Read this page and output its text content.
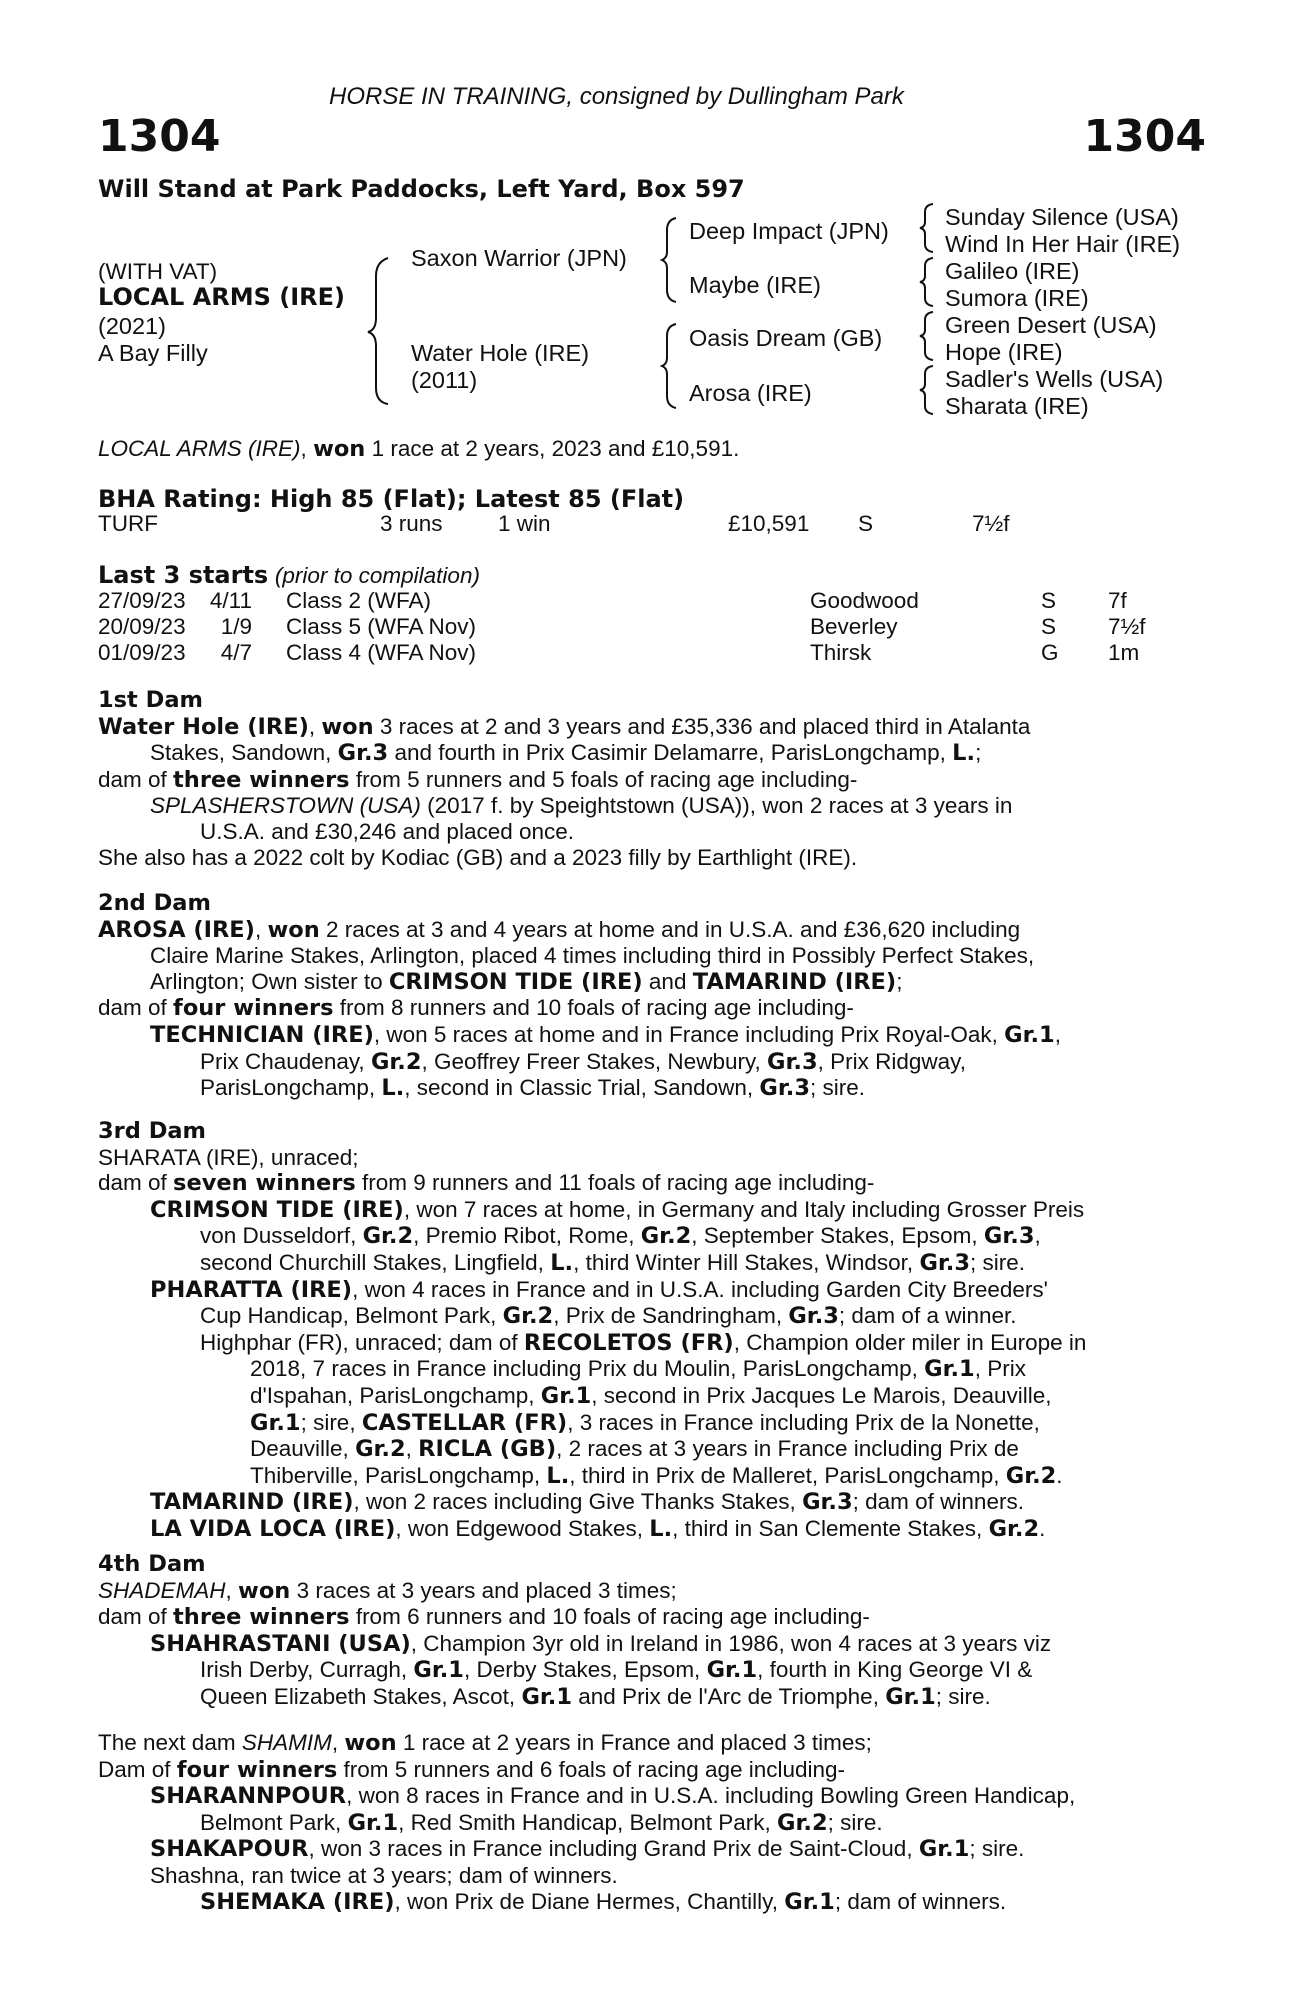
HORSE IN TRAINING, consigned by Dullingham Park
1304	1304
Will Stand at Park Paddocks, Left Yard, Box 597
(WITH VAT)
LOCAL ARMS (IRE)
(2021)
A Bay Filly
Saxon Warrior (JPN)
Water Hole (IRE)
(2011)
Deep Impact (JPN)
Maybe (IRE)
Oasis Dream (GB)
Arosa (IRE)
Sunday Silence (USA)
Wind In Her Hair (IRE)
Galileo (IRE)
Sumora (IRE)
Green Desert (USA)
Hope (IRE)
Sadler's Wells (USA)
Sharata (IRE)
LOCAL ARMS (IRE), won 1 race at 2 years, 2023 and £10,591.
BHA Rating: High 85 (Flat); Latest 85 (Flat)
TURF	3 runs 1 win	£10,591 S	7½f
Last 3 starts (prior to compilation)
27/09/23	4/11 Class 2 (WFA)	Goodwood	S 7f
20/09/23	1/9 Class 5 (WFA Nov)	Beverley	S 7½f
01/09/23	4/7 Class 4 (WFA Nov)	Thirsk	G 1m
1st Dam
Water Hole (IRE), won 3 races at 2 and 3 years and £35,336 and placed third in Atalanta
Stakes, Sandown, Gr.3 and fourth in Prix Casimir Delamarre, ParisLongchamp, L.;
dam of three winners from 5 runners and 5 foals of racing age including-
SPLASHERSTOWN (USA) (2017 f. by Speightstown (USA)), won 2 races at 3 years in
U.S.A. and £30,246 and placed once.
She also has a 2022 colt by Kodiac (GB) and a 2023 filly by Earthlight (IRE).
2nd Dam
AROSA (IRE), won 2 races at 3 and 4 years at home and in U.S.A. and £36,620 including
Claire Marine Stakes, Arlington, placed 4 times including third in Possibly Perfect Stakes,
Arlington; Own sister to CRIMSON TIDE (IRE) and TAMARIND (IRE);
dam of four winners from 8 runners and 10 foals of racing age including-
TECHNICIAN (IRE), won 5 races at home and in France including Prix Royal-Oak, Gr.1,
Prix Chaudenay, Gr.2, Geoffrey Freer Stakes, Newbury, Gr.3, Prix Ridgway,
ParisLongchamp, L., second in Classic Trial, Sandown, Gr.3; sire.
3rd Dam
SHARATA (IRE), unraced;
dam of seven winners from 9 runners and 11 foals of racing age including-
CRIMSON TIDE (IRE), won 7 races at home, in Germany and Italy including Grosser Preis
von Dusseldorf, Gr.2, Premio Ribot, Rome, Gr.2, September Stakes, Epsom, Gr.3,
second Churchill Stakes, Lingfield, L., third Winter Hill Stakes, Windsor, Gr.3; sire.
PHARATTA (IRE), won 4 races in France and in U.S.A. including Garden City Breeders'
Cup Handicap, Belmont Park, Gr.2, Prix de Sandringham, Gr.3; dam of a winner.
Highphar (FR), unraced; dam of RECOLETOS (FR), Champion older miler in Europe in
2018, 7 races in France including Prix du Moulin, ParisLongchamp, Gr.1, Prix
d'Ispahan, ParisLongchamp, Gr.1, second in Prix Jacques Le Marois, Deauville,
Gr.1; sire, CASTELLAR (FR), 3 races in France including Prix de la Nonette,
Deauville, Gr.2, RICLA (GB), 2 races at 3 years in France including Prix de
Thiberville, ParisLongchamp, L., third in Prix de Malleret, ParisLongchamp, Gr.2.
TAMARIND (IRE), won 2 races including Give Thanks Stakes, Gr.3; dam of winners.
LA VIDA LOCA (IRE), won Edgewood Stakes, L., third in San Clemente Stakes, Gr.2.
4th Dam
SHADEMAH, won 3 races at 3 years and placed 3 times;
dam of three winners from 6 runners and 10 foals of racing age including-
SHAHRASTANI (USA), Champion 3yr old in Ireland in 1986, won 4 races at 3 years viz
Irish Derby, Curragh, Gr.1, Derby Stakes, Epsom, Gr.1, fourth in King George VI &
Queen Elizabeth Stakes, Ascot, Gr.1 and Prix de l'Arc de Triomphe, Gr.1; sire.
The next dam SHAMIM, won 1 race at 2 years in France and placed 3 times;
Dam of four winners from 5 runners and 6 foals of racing age including-
SHARANNPOUR, won 8 races in France and in U.S.A. including Bowling Green Handicap,
Belmont Park, Gr.1, Red Smith Handicap, Belmont Park, Gr.2; sire.
SHAKAPOUR, won 3 races in France including Grand Prix de Saint-Cloud, Gr.1; sire.
Shashna, ran twice at 3 years; dam of winners.
SHEMAKA (IRE), won Prix de Diane Hermes, Chantilly, Gr.1; dam of winners.
